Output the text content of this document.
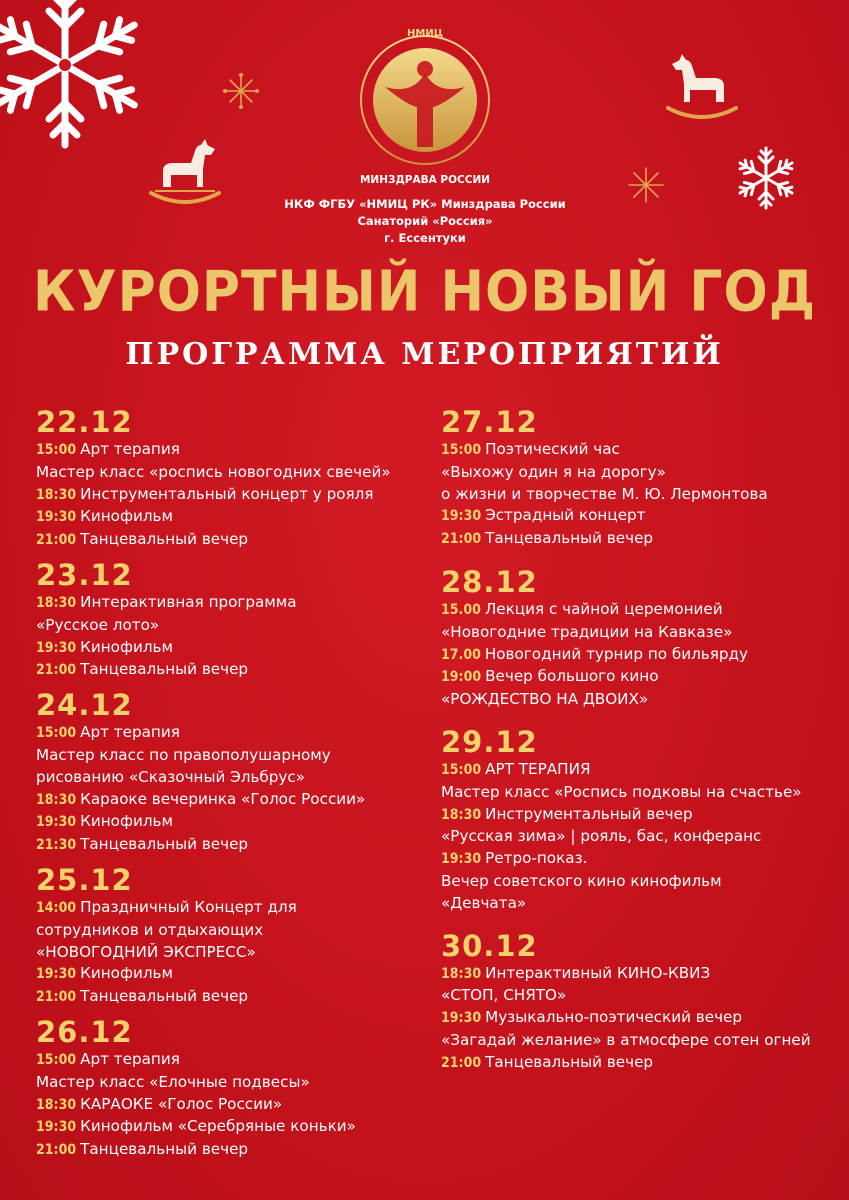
НМИЦ
МИНЗДРАВА РОССИИ
НКФ ФГБУ «НМИЦ РК» Минздрава России
Санаторий «Россия»
г. Ессентуки
КУРОРТНЫЙ НОВЫЙ ГОД
ПРОГРАММА МЕРОПРИЯТИЙ
22.12
15:00 Арт терапия
Мастер класс «роспись новогодних свечей»
18:30 Инструментальный концерт у рояля
19:30 Кинофильм
21:00 Танцевальный вечер
23.12
18:30 Интерактивная программа
«Русское лото»
19:30 Кинофильм
21:00 Танцевальный вечер
24.12
15:00 Арт терапия
Мастер класс по правополушарному
рисованию «Сказочный Эльбрус»
18:30 Караоке вечеринка «Голос России»
19:30 Кинофильм
21:30 Танцевальный вечер
25.12
14:00 Праздничный Концерт для
сотрудников и отдыхающих
«НОВОГОДНИЙ ЭКСПРЕСС»
19:30 Кинофильм
21:00 Танцевальный вечер
26.12
15:00 Арт терапия
Мастер класс «Елочные подвесы»
18:30 КАРАОКЕ «Голос России»
19:30 Кинофильм «Серебряные коньки»
21:00 Танцевальный вечер
27.12
15:00 Поэтический час
«Выхожу один я на дорогу»
о жизни и творчестве М. Ю. Лермонтова
19:30 Эстрадный концерт
21:00 Танцевальный вечер
28.12
15.00 Лекция с чайной церемонией
«Новогодние традиции на Кавказе»
17.00 Новогодний турнир по бильярду
19:00 Вечер большого кино
«РОЖДЕСТВО НА ДВОИХ»
29.12
15:00 АРТ ТЕРАПИЯ
Мастер класс «Роспись подковы на счастье»
18:30 Инструментальный вечер
«Русская зима» | рояль, бас, конферанс
19:30 Ретро-показ.
Вечер советского кино кинофильм
«Девчата»
30.12
18:30 Интерактивный КИНО-КВИЗ
«СТОП, СНЯТО»
19:30 Музыкально-поэтический вечер
«Загадай желание» в атмосфере сотен огней
21:00 Танцевальный вечер
